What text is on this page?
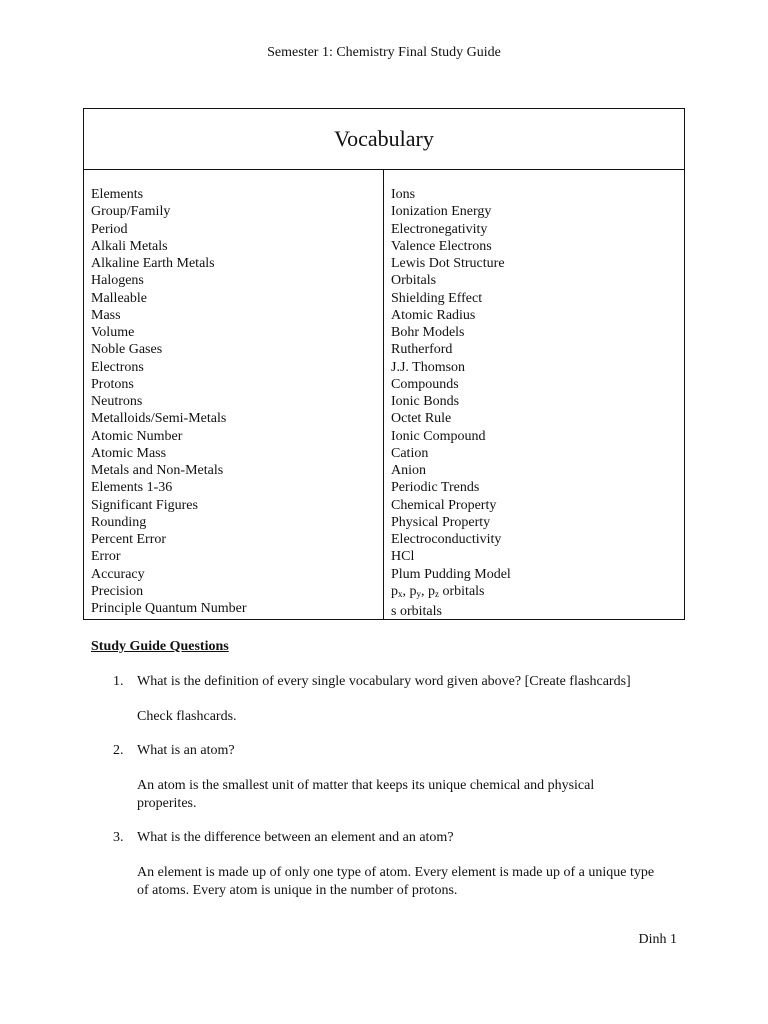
Semester 1: Chemistry Final Study Guide
Vocabulary
Elements
Group/Family
Period
Alkali Metals
Alkaline Earth Metals
Halogens
Malleable
Mass
Volume
Noble Gases
Electrons
Protons
Neutrons
Metalloids/Semi-Metals
Atomic Number
Atomic Mass
Metals and Non-Metals
Elements 1-36
Significant Figures
Rounding
Percent Error
Error
Accuracy
Precision
Principle Quantum Number
Ions
Ionization Energy
Electronegativity
Valence Electrons
Lewis Dot Structure
Orbitals
Shielding Effect
Atomic Radius
Bohr Models
Rutherford
J.J. Thomson
Compounds
Ionic Bonds
Octet Rule
Ionic Compound
Cation
Anion
Periodic Trends
Chemical Property
Physical Property
Electroconductivity
HCl
Plum Pudding Model
$p_x$, $p_y$, $p_z$ orbitals
s orbitals
Study Guide Questions
1. What is the definition of every single vocabulary word given above? [Create flashcards]
Check flashcards.
2. What is an atom?
An atom is the smallest unit of matter that keeps its unique chemical and physical properites.
3. What is the difference between an element and an atom?
An element is made up of only one type of atom. Every element is made up of a unique type of atoms. Every atom is unique in the number of protons.
Dinh 1
